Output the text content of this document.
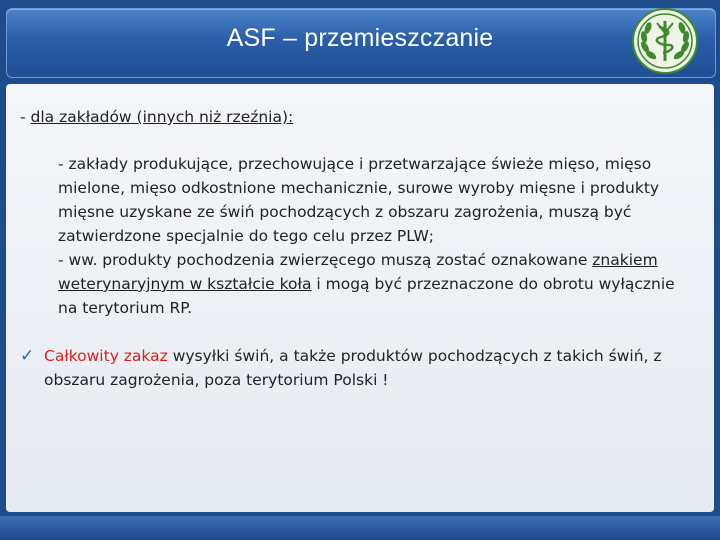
ASF – przemieszczanie
- dla zakładów (innych niż rzeźnia):
- zakłady produkujące, przechowujące i przetwarzające świeże mięso, mięso mielone, mięso odkostnione mechanicznie, surowe wyroby mięsne i produkty mięsne uzyskane ze świń pochodzących z obszaru zagrożenia, muszą być zatwierdzone specjalnie do tego celu przez PLW;
- ww. produkty pochodzenia zwierzęcego muszą zostać oznakowane znakiem weterynaryjnym w kształcie koła i mogą być przeznaczone do obrotu wyłącznie na terytorium RP.
✓ Całkowity zakaz wysyłki świń, a także produktów pochodzących z takich świń, z obszaru zagrożenia, poza terytorium Polski !
